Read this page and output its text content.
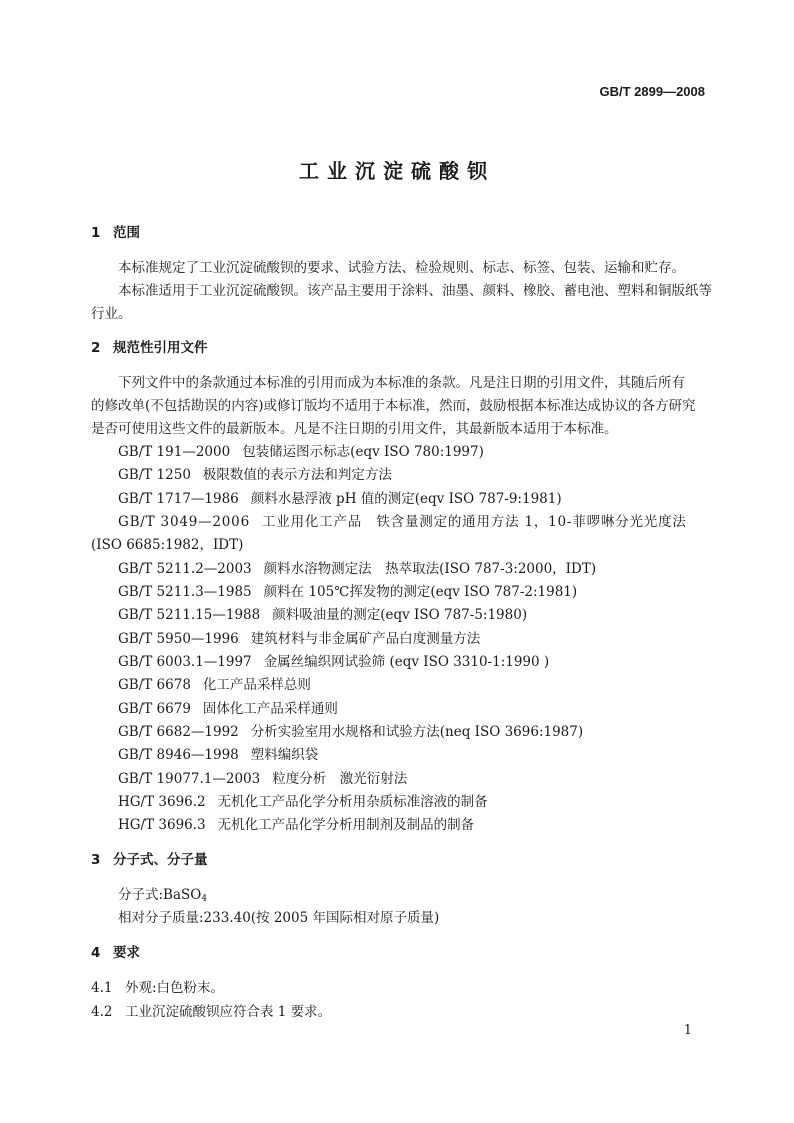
GB/T 2899—2008
工业沉淀硫酸钡
1 范围
本标准规定了工业沉淀硫酸钡的要求、试验方法、检验规则、标志、标签、包装、运输和贮存。
本标准适用于工业沉淀硫酸钡。该产品主要用于涂料、油墨、颜料、橡胶、蓄电池、塑料和铜版纸等
行业。
2 规范性引用文件
下列文件中的条款通过本标准的引用而成为本标准的条款。凡是注日期的引用文件，其随后所有
的修改单(不包括勘误的内容)或修订版均不适用于本标准，然而，鼓励根据本标准达成协议的各方研究
是否可使用这些文件的最新版本。凡是不注日期的引用文件，其最新版本适用于本标准。
GB/T 191—2000 包装储运图示标志(eqv ISO 780:1997)
GB/T 1250 极限数值的表示方法和判定方法
GB/T 1717—1986 颜料水悬浮液 pH 值的测定(eqv ISO 787-9:1981)
GB/T 3049—2006 工业用化工产品　铁含量测定的通用方法 1，10-菲啰啉分光光度法
(ISO 6685:1982，IDT)
GB/T 5211.2—2003 颜料水溶物测定法　热萃取法(ISO 787-3:2000，IDT)
GB/T 5211.3—1985 颜料在 105℃挥发物的测定(eqv ISO 787-2:1981)
GB/T 5211.15—1988 颜料吸油量的测定(eqv ISO 787-5:1980)
GB/T 5950—1996 建筑材料与非金属矿产品白度测量方法
GB/T 6003.1—1997 金属丝编织网试验筛 (eqv ISO 3310-1:1990 )
GB/T 6678 化工产品采样总则
GB/T 6679 固体化工产品采样通则
GB/T 6682—1992 分析实验室用水规格和试验方法(neq ISO 3696:1987)
GB/T 8946—1998 塑料编织袋
GB/T 19077.1—2003 粒度分析　激光衍射法
HG/T 3696.2 无机化工产品化学分析用杂质标准溶液的制备
HG/T 3696.3 无机化工产品化学分析用制剂及制品的制备
3 分子式、分子量
分子式:BaSO$_4$
相对分子质量:233.40(按 2005 年国际相对原子质量)
4 要求
4.1 外观:白色粉末。
4.2 工业沉淀硫酸钡应符合表 1 要求。
1
